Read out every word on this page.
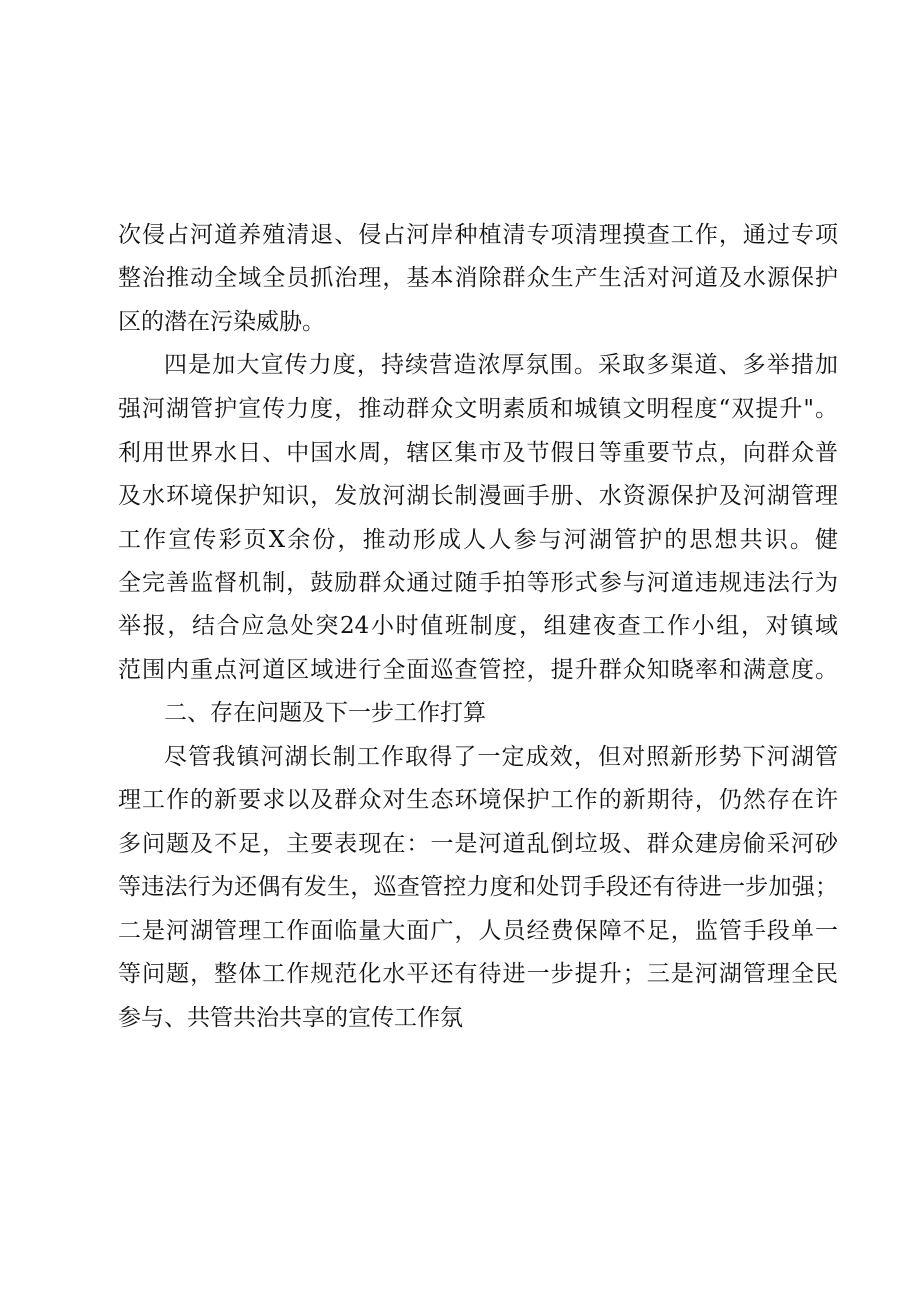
次侵占河道养殖清退、侵占河岸种植清专项清理摸查工作，通过专项
整治推动全域全员抓治理，基本消除群众生产生活对河道及水源保护
区的潜在污染威胁。
四是加大宣传力度，持续营造浓厚氛围。采取多渠道、多举措加
强河湖管护宣传力度，推动群众文明素质和城镇文明程度“双提升"。
利用世界水日、中国水周，辖区集市及节假日等重要节点，向群众普
及水环境保护知识，发放河湖长制漫画手册、水资源保护及河湖管理
工作宣传彩页X余份，推动形成人人参与河湖管护的思想共识。健
全完善监督机制，鼓励群众通过随手拍等形式参与河道违规违法行为
举报，结合应急处突24小时值班制度，组建夜查工作小组，对镇域
范围内重点河道区域进行全面巡查管控，提升群众知晓率和满意度。
二、存在问题及下一步工作打算
尽管我镇河湖长制工作取得了一定成效，但对照新形势下河湖管
理工作的新要求以及群众对生态环境保护工作的新期待，仍然存在许
多问题及不足，主要表现在：一是河道乱倒垃圾、群众建房偷采河砂
等违法行为还偶有发生，巡查管控力度和处罚手段还有待进一步加强；
二是河湖管理工作面临量大面广，人员经费保障不足，监管手段单一
等问题，整体工作规范化水平还有待进一步提升；三是河湖管理全民
参与、共管共治共享的宣传工作氛
